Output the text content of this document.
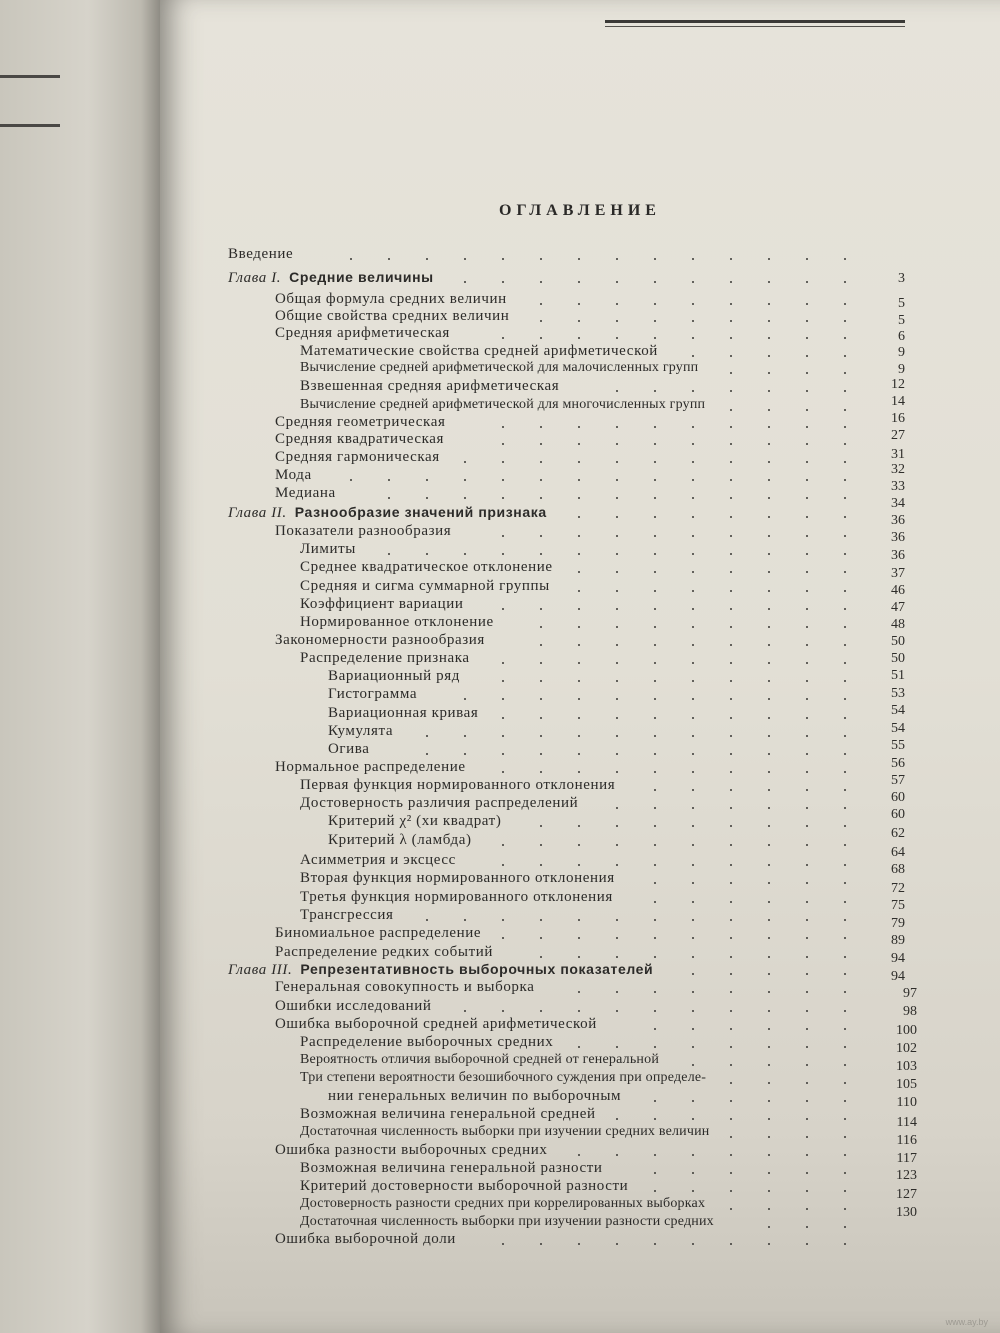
ОГЛАВЛЕНИЕ
Введение
Глава I. Средние величины
Общая формула средних величин
Общие свойства средних величин
Средняя арифметическая
Математические свойства средней арифметической
Вычисление средней арифметической для малочисленных групп
Взвешенная средняя арифметическая
Вычисление средней арифметической для многочисленных групп
Средняя геометрическая
Средняя квадратическая
Средняя гармоническая
Мода
Медиана
Глава II. Разнообразие значений признака
Показатели разнообразия
Лимиты
Среднее квадратическое отклонение
Средняя и сигма суммарной группы
Коэффициент вариации
Нормированное отклонение
Закономерности разнообразия
Распределение признака
Вариационный ряд
Гистограмма
Вариационная кривая
Кумулята
Огива
Нормальное распределение
Первая функция нормированного отклонения
Достоверность различия распределений
Критерий χ² (хи квадрат)
Критерий λ (ламбда)
Асимметрия и эксцесс
Вторая функция нормированного отклонения
Третья функция нормированного отклонения
Трансгрессия
Биномиальное распределение
Распределение редких событий
Глава III. Репрезентативность выборочных показателей
Генеральная совокупность и выборка
Ошибки исследований
Ошибка выборочной средней арифметической
Распределение выборочных средних
Вероятность отличия выборочной средней от генеральной
Три степени вероятности безошибочного суждения при определе-
нии генеральных величин по выборочным
Возможная величина генеральной средней
Достаточная численность выборки при изучении средних величин
Ошибка разности выборочных средних
Возможная величина генеральной разности
Критерий достоверности выборочной разности
Достоверность разности средних при коррелированных выборках
Достаточная численность выборки при изучении разности средних
Ошибка выборочной доли
3
5
5
6
9
9
12
14
16
27
31
32
33
34
36
36
36
37
46
47
48
50
50
51
53
54
54
55
56
57
60
60
62
64
68
72
75
79
89
94
94
97
98
100
102
103
105
110
114
116
117
123
127
130
www.ay.by
